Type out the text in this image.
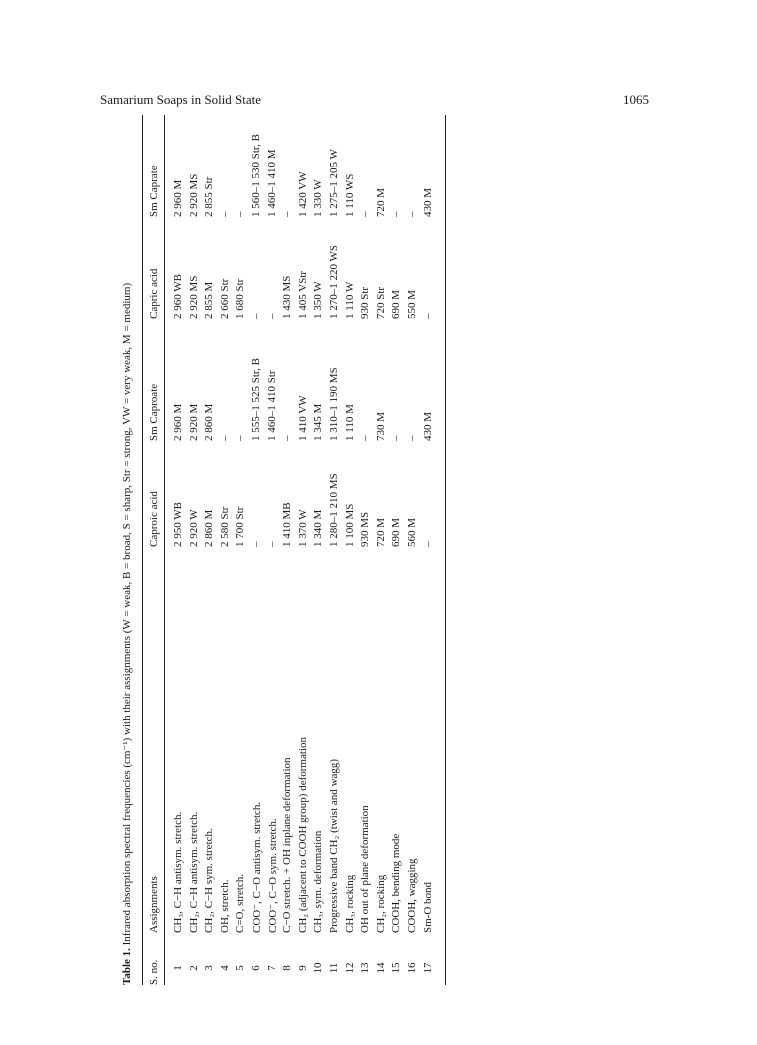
Samarium Soaps in Solid State	1065
Table 1. Infrared absorption spectral frequencies (cm⁻¹) with their assignments (W = weak, B = broad, S = sharp, Str = strong, VW = very weak, M = medium)
S. no.
Assignments
Caproic acid
Sm Caproate
Capric acid
Sm Caprate
1
CH₃, C−H antisym. stretch.
2 950 WB
2 960 M
2 960 WB
2 960 M
2
CH₂, C−H antisym. stretch.
2 920 W
2 920 M
2 920 MS
2 920 MS
3
CH₂, C−H sym. stretch.
2 860 M
2 860 M
2 855 M
2 855 Str
4
OH, stretch.
2 580 Str
–
2 660 Str
–
5
C=O, stretch.
1 700 Str
–
1 680 Str
–
6
COO⁻, C−O antisym. stretch.
–
1 555–1 525 Str, B
–
1 560–1 530 Str, B
7
COO⁻, C−O sym. stretch.
–
1 460–1 410 Str
–
1 460–1 410 M
8
C−O stretch. + OH inplane deformation
1 410 MB
–
1 430 MS
–
9
CH₂ (adjacent to COOH group) deformation
1 370 W
1 410 VW
1 405 VStr
1 420 VW
10
CH₃, sym. deformation
1 340 M
1 345 M
1 350 W
1 330 W
11
Progressive band CH₂ (twist and wagg)
1 280–1 210 MS
1 310–1 190 MS
1 270–1 220 WS
1 275–1 205 W
12
CH₃, rocking
1 100 MS
1 110 M
1 110 W
1 110 WS
13
OH out of plane deformation
930 MS
–
930 Str
–
14
CH₂, rocking
720 M
730 M
720 Str
720 M
15
COOH, bending mode
690 M
–
690 M
–
16
COOH, wagging
560 M
–
550 M
–
17
Sm-O bond
–
430 M
–
430 M
